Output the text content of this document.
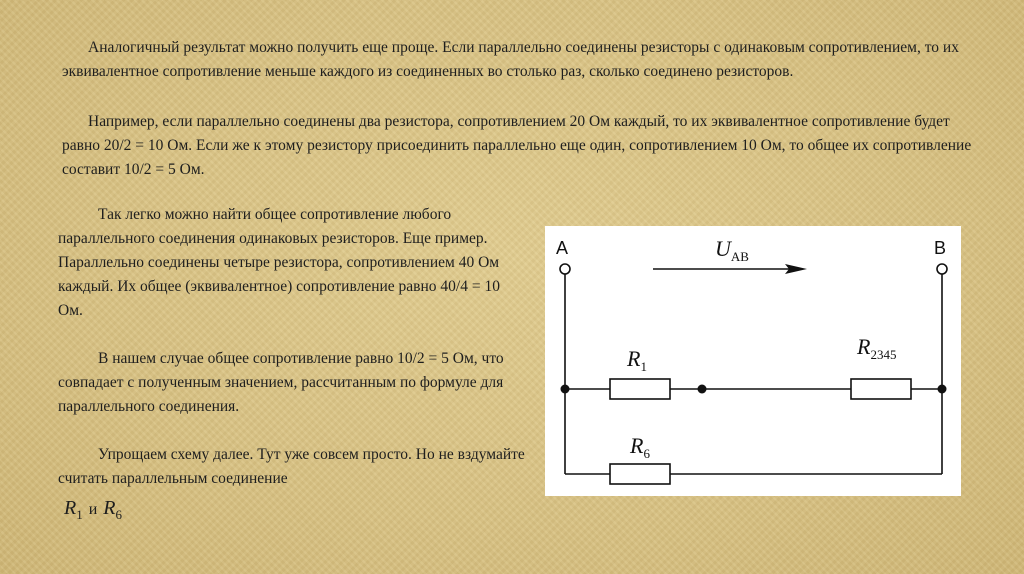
Аналогичный результат можно получить еще проще. Если параллельно соединены резисторы с одинаковым сопротивлением, то их эквивалентное сопротивление меньше каждого из соединенных во столько раз, сколько соединено резисторов.

Например, если параллельно соединены два резистора, сопротивлением 20 Ом каждый, то их эквивалентное сопротивление будет равно 20/2 = 10 Ом. Если же к этому резистору присоединить параллельно еще один, сопротивлением 10 Ом, то общее их сопротивление составит 10/2 = 5 Ом.

Так легко можно найти общее сопротивление любого параллельного соединения одинаковых резисторов. Еще пример. Параллельно соединены четыре резистора, сопротивлением 40 Ом каждый. Их общее (эквивалентное) сопротивление равно 40/4 = 10 Ом.

В нашем случае общее сопротивление равно 10/2 = 5 Ом, что совпадает с полученным значением, рассчитанным по формуле для параллельного соединения.

Упрощаем схему далее. Тут уже совсем просто. Но не вздумайте считать параллельным соединение

$R_1$ и $R_6$
A	B
$U_{AB}$
$R_1$
$R_{2345}$
$R_6$
